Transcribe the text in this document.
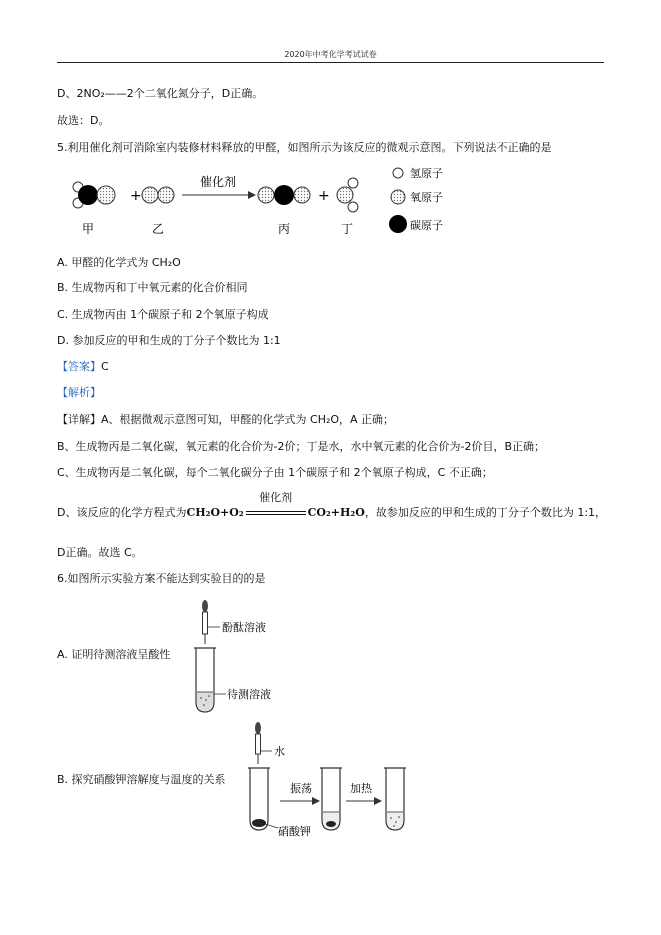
2020年中考化学考试试卷
D、2NO₂——2个二氧化氮分子，D正确。
故选：D。
5.利用催化剂可消除室内装修材料释放的甲醛，如图所示为该反应的微观示意图。下列说法不正确的是
+
催化剂
+
甲	乙	丙	丁
氢原子
氧原子
碳原子
A. 甲醛的化学式为 CH₂O
B. 生成物丙和丁中氧元素的化合价相同
C. 生成物丙由 1个碳原子和 2个氧原子构成
D. 参加反应的甲和生成的丁分子个数比为 1:1
【答案】C
【解析】
【详解】A、根据微观示意图可知，甲醛的化学式为 CH₂O，A 正确；
B、生成物丙是二氧化碳，氧元素的化合价为-2价；丁是水，水中氧元素的化合价为-2价目，B正确；
C、生成物丙是二氧化碳，每个二氧化碳分子由 1个碳原子和 2个氧原子构成，C 不正确；
D、该反应的化学方程式为CH₂O+O₂
催化剂
CO₂+H₂O，故参加反应的甲和生成的丁分子个数比为 1:1，
D正确。故选 C。
6.如图所示实验方案不能达到实验目的的是
A. 证明待测溶液呈酸性
酚酞溶液
待测溶液
B. 探究硝酸钾溶解度与温度的关系
水
硝酸钾
振荡	加热
